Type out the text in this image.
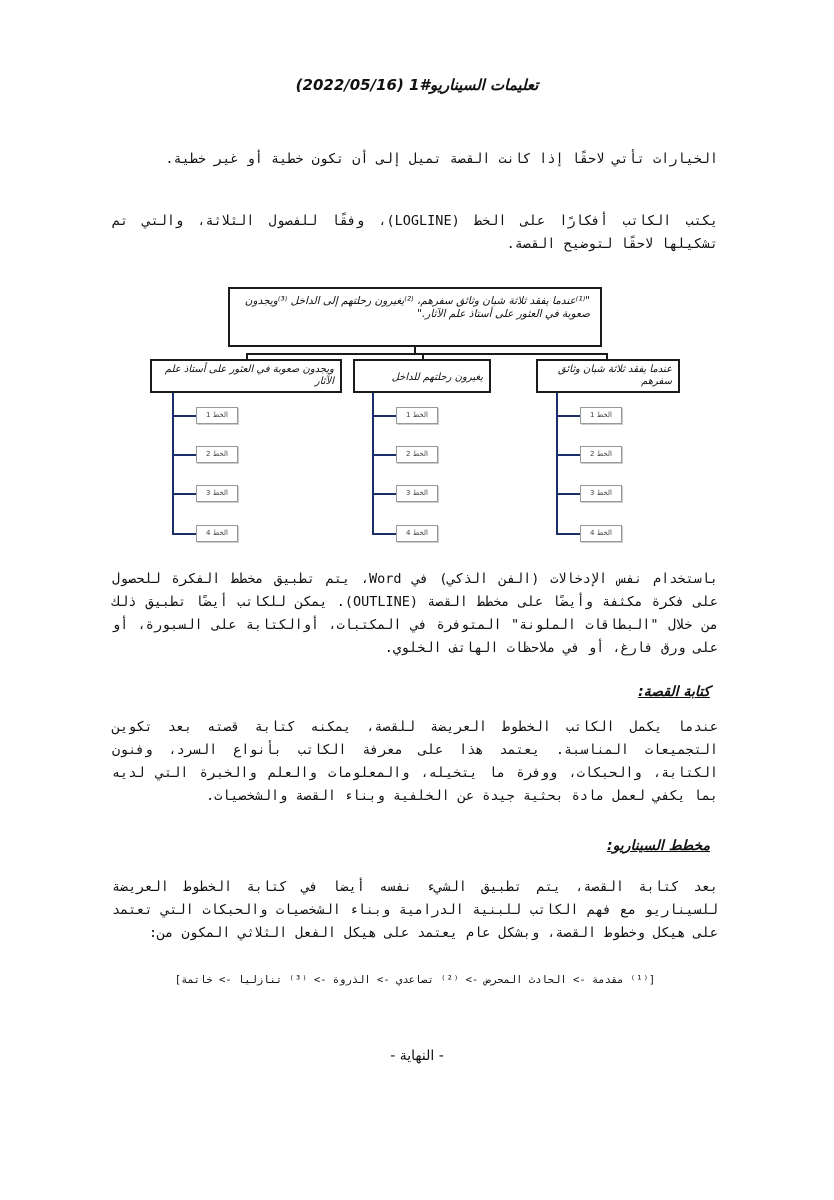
تعليمات السيناريو#1 (2022/05/16)
الخيارات تأتي لاحقًا إذا كانت القصة تميل إلى أن تكون خطية أو غير خطية.
يكتب الكاتب أفكارًا على الخط (LOGLINE)، وفقًا للفصول الثلاثة، والتي تم تشكيلها لاحقًا لتوضيح القصة.
"⁽¹⁾عندما يفقد ثلاثة شبان وثائق سفرهم، ⁽²⁾يغيرون رحلتهم إلى الداخل ⁽³⁾ويجدون صعوبة في العثور على أستاذ علم الآثار."
عندما يفقد ثلاثة شبان وثائق سفرهم
يغيرون رحلتهم للداخل
ويجدون صعوبة في العثور على أستاذ علم الآثار
الخط 1
الخط 2
الخط 3
الخط 4
الخط 1
الخط 2
الخط 3
الخط 4
الخط 1
الخط 2
الخط 3
الخط 4
باستخدام نفس الإدخالات (الفن الذكي) في Word، يتم تطبيق مخطط الفكرة للحصول على فكرة مكثفة وأيضًا على مخطط القصة (OUTLINE). يمكن للكاتب أيضًا تطبيق ذلك من خلال "البطاقات الملونة" المتوفرة في المكتبات، أوالكتابة على السبورة، أو على ورق فارغ، أو في ملاحظات الهاتف الخلوي.
كتابة القصة:
عندما يكمل الكاتب الخطوط العريضة للقصة، يمكنه كتابة قصته بعد تكوين التجميعات المناسبة. يعتمد هذا على معرفة الكاتب بأنواع السرد، وفنون الكتابة، والحبكات، ووفرة ما يتخيله، والمعلومات والعلم والخبرة التي لديه بما يكفي لعمل مادة بحثية جيدة عن الخلفية وبناء القصة والشخصيات.
مخطط السيناريو:
بعد كتابة القصة، يتم تطبيق الشيء نفسه أيضا في كتابة الخطوط العريضة للسيناريو مع فهم الكاتب للبنية الدرامية وبناء الشخصيات والحبكات التي تعتمد على هيكل وخطوط القصة، وبشكل عام يعتمد على هيكل الفعل الثلاثي المكون من:
[⁽¹⁾ مقدمة -> الحادث المحرض -> ⁽²⁾ تصاعدي -> الذروة -> ⁽³⁾ تنازليا -> خاتمة]
- النهاية -
